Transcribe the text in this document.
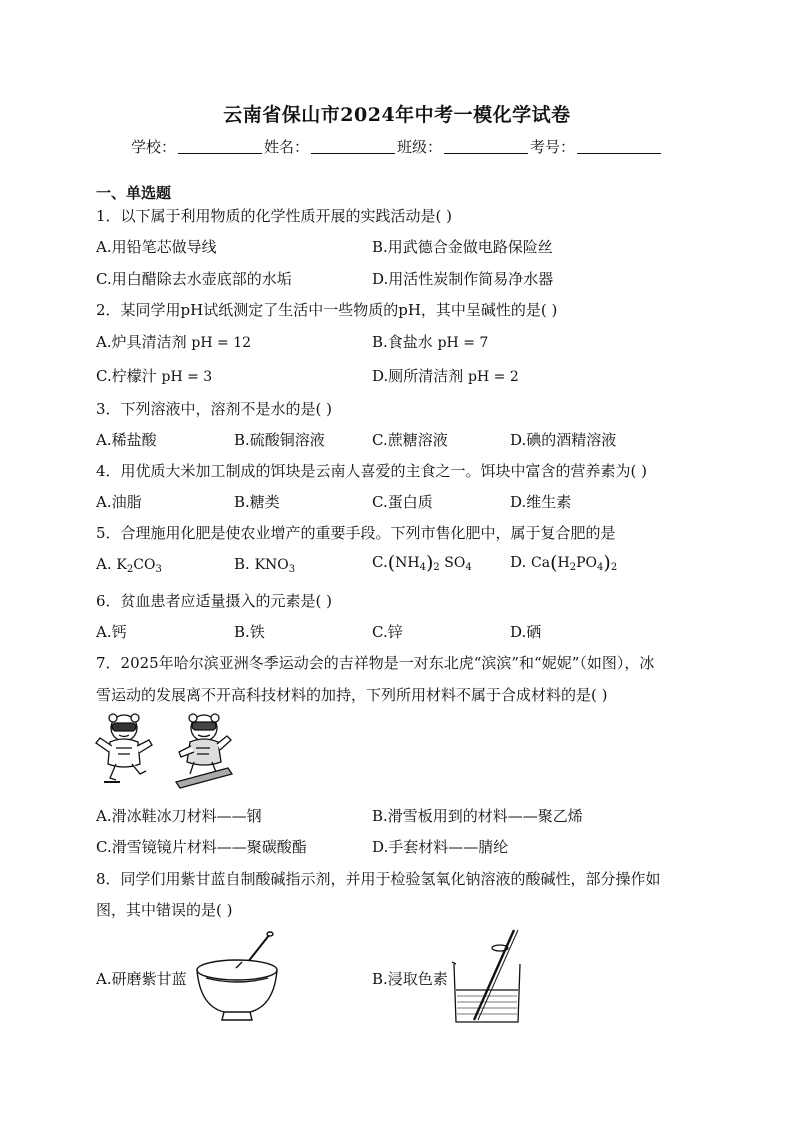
云南省保山市2024年中考一模化学试卷
学校：	姓名：	班级：	考号：
一、单选题
1．以下属于利用物质的化学性质开展的实践活动是( )
A.用铅笔芯做导线	B.用武德合金做电路保险丝
C.用白醋除去水壶底部的水垢	D.用活性炭制作简易净水器
2．某同学用pH试纸测定了生活中一些物质的pH，其中呈碱性的是( )
A.炉具清洁剂 pH = 12	B.食盐水 pH = 7
C.柠檬汁 pH = 3	D.厕所清洁剂 pH = 2
3．下列溶液中，溶剂不是水的是( )
A.稀盐酸	B.硫酸铜溶液	C.蔗糖溶液	D.碘的酒精溶液
4．用优质大米加工制成的饵块是云南人喜爱的主食之一。饵块中富含的营养素为( )
A.油脂	B.糖类	C.蛋白质	D.维生素
5．合理施用化肥是使农业增产的重要手段。下列市售化肥中，属于复合肥的是
A. $K_2CO_3$	B. $KNO_3$	$C.(NH_4)_2$ $SO_4$	D. $Ca(H_2PO_4)_2$
6．贫血患者应适量摄入的元素是( )
A.钙	B.铁	C.锌	D.硒
7．2025年哈尔滨亚洲冬季运动会的吉祥物是一对东北虎“滨滨”和“妮妮”（如图），冰
雪运动的发展离不开高科技材料的加持，下列所用材料不属于合成材料的是( )
A.滑冰鞋冰刀材料——钢	B.滑雪板用到的材料——聚乙烯
C.滑雪镜镜片材料——聚碳酸酯	D.手套材料——腈纶
8．同学们用紫甘蓝自制酸碱指示剂，并用于检验氢氧化钠溶液的酸碱性，部分操作如
图，其中错误的是( )
A.研磨紫甘蓝	B.浸取色素
